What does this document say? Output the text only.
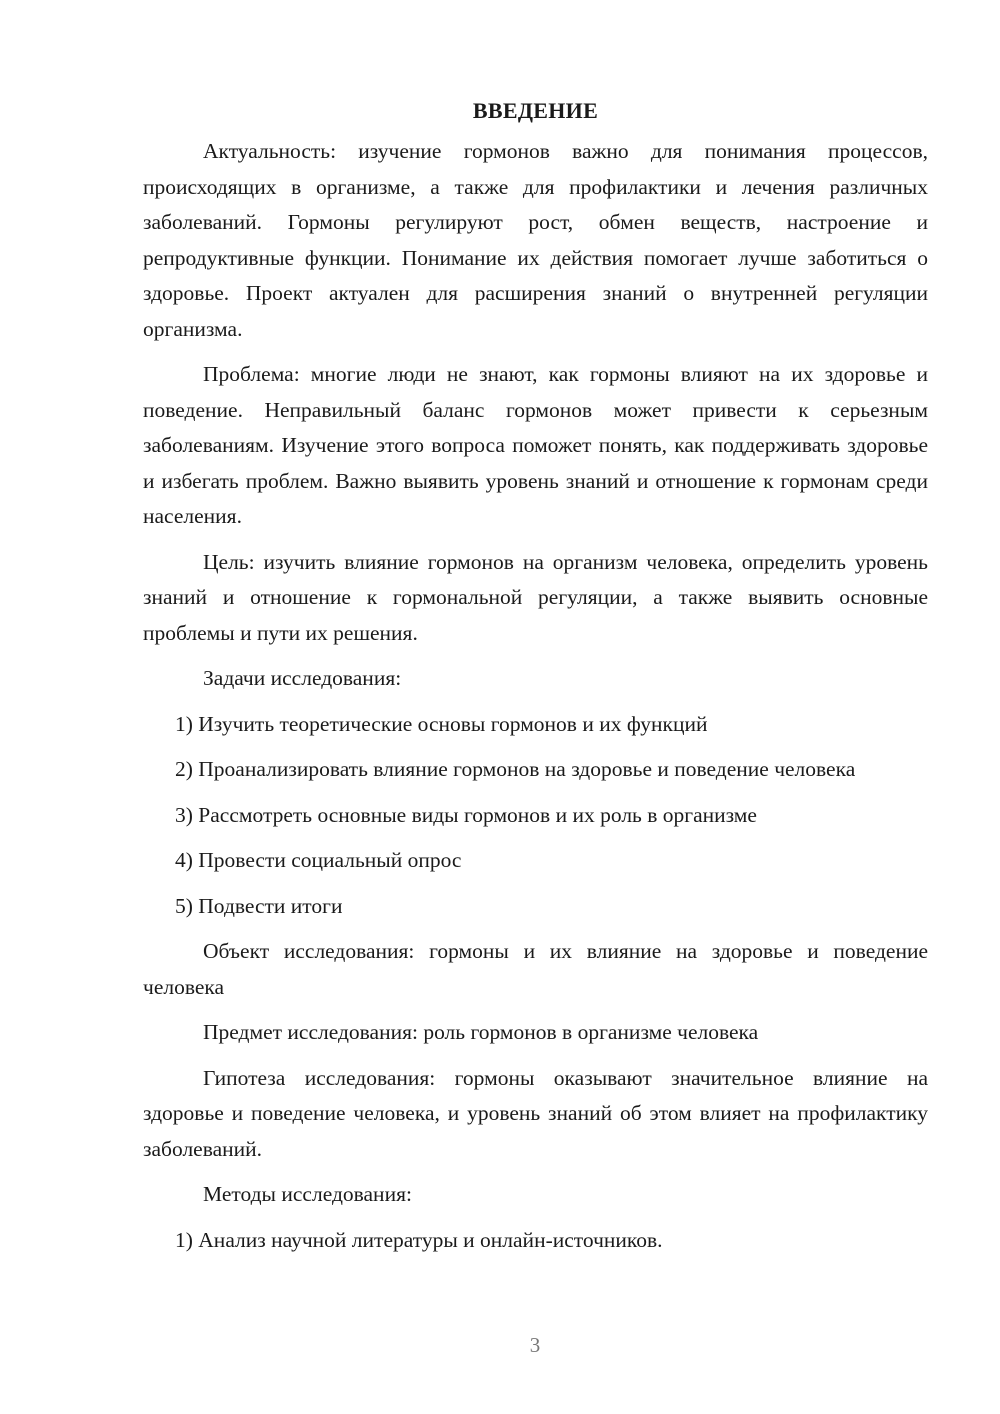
ВВЕДЕНИЕ

Актуальность: изучение гормонов важно для понимания процессов, происходящих в организме, а также для профилактики и лечения различных заболеваний. Гормоны регулируют рост, обмен веществ, настроение и репродуктивные функции. Понимание их действия помогает лучше заботиться о здоровье. Проект актуален для расширения знаний о внутренней регуляции организма.

Проблема: многие люди не знают, как гормоны влияют на их здоровье и поведение. Неправильный баланс гормонов может привести к серьезным заболеваниям. Изучение этого вопроса поможет понять, как поддерживать здоровье и избегать проблем. Важно выявить уровень знаний и отношение к гормонам среди населения.

Цель: изучить влияние гормонов на организм человека, определить уровень знаний и отношение к гормональной регуляции, а также выявить основные проблемы и пути их решения.

Задачи исследования:

1) Изучить теоретические основы гормонов и их функций

2) Проанализировать влияние гормонов на здоровье и поведение человека

3) Рассмотреть основные виды гормонов и их роль в организме

4) Провести социальный опрос

5) Подвести итоги

Объект исследования: гормоны и их влияние на здоровье и поведение человека

Предмет исследования: роль гормонов в организме человека

Гипотеза исследования: гормоны оказывают значительное влияние на здоровье и поведение человека, и уровень знаний об этом влияет на профилактику заболеваний.

Методы исследования:

1) Анализ научной литературы и онлайн-источников.

3
